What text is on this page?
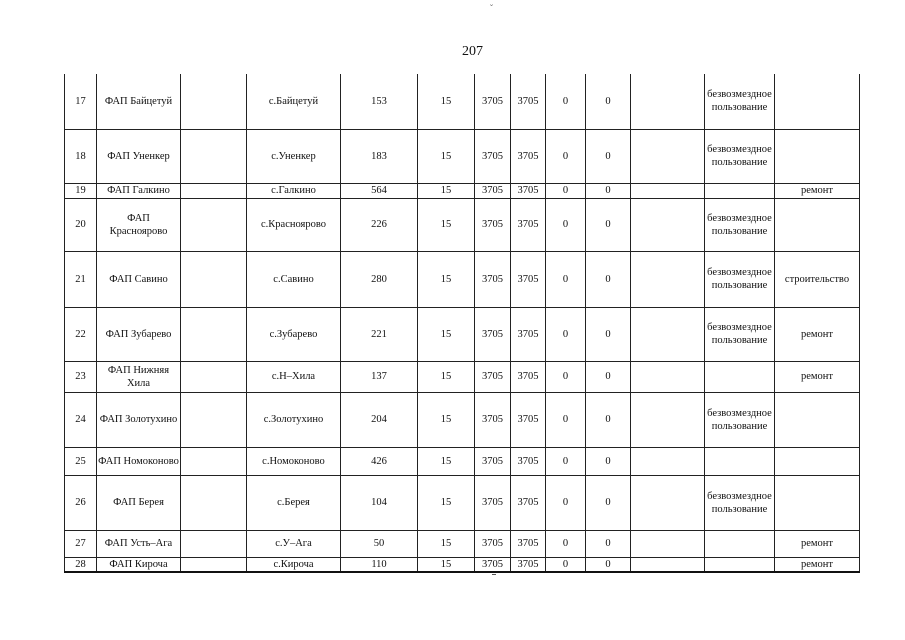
˘
207
17	ФАП Байцетуй		с.Байцетуй	153	15	3705	3705	0	0		безвозмездное пользование	
18	ФАП Уненкер		с.Уненкер	183	15	3705	3705	0	0		безвозмездное пользование	
19	ФАП Галкино		с.Галкино	564	15	3705	3705	0	0			ремонт
20	ФАП Красноярово		с.Красноярово	226	15	3705	3705	0	0		безвозмездное пользование	
21	ФАП Савино		с.Савино	280	15	3705	3705	0	0		безвозмездное пользование	строительство
22	ФАП Зубарево		с.Зубарево	221	15	3705	3705	0	0		безвозмездное пользование	ремонт
23	ФАП Нижняя Хила		с.Н–Хила	137	15	3705	3705	0	0			ремонт
24	ФАП Золотухино		с.Золотухино	204	15	3705	3705	0	0		безвозмездное пользование	
25	ФАП Номоконово		с.Номоконово	426	15	3705	3705	0	0			
26	ФАП Берея		с.Берея	104	15	3705	3705	0	0		безвозмездное пользование	
27	ФАП Усть–Ага		с.У–Ага	50	15	3705	3705	0	0			ремонт
28	ФАП Кироча		с.Кироча	110	15	3705	3705	0	0			ремонт
